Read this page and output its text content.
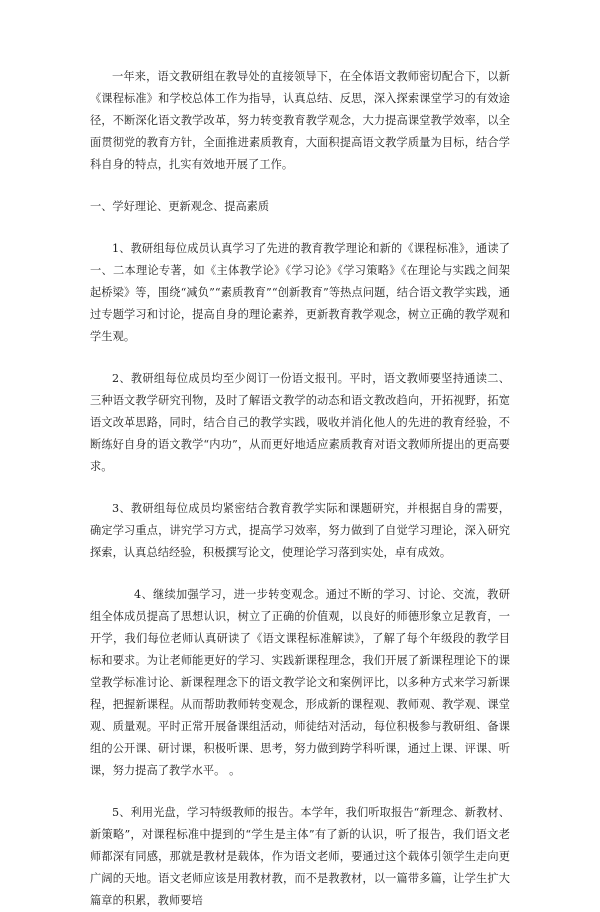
一年来，语文教研组在教导处的直接领导下，在全体语文教师密切配合下，以新《课程标准》和学校总体工作为指导，认真总结、反思，深入探索课堂学习的有效途径，不断深化语文教学改革，努力转变教育教学观念，大力提高课堂教学效率，以全面贯彻党的教育方针，全面推进素质教育，大面积提高语文教学质量为目标，结合学科自身的特点，扎实有效地开展了工作。

一、学好理论、更新观念、提高素质

1、教研组每位成员认真学习了先进的教育教学理论和新的《课程标准》，通读了一、二本理论专著，如《主体教学论》《学习论》《学习策略》《在理论与实践之间架起桥梁》等，围绕“减负”“素质教育”“创新教育”等热点问题，结合语文教学实践，通过专题学习和讨论，提高自身的理论素养，更新教育教学观念，树立正确的教学观和学生观。

2、教研组每位成员均至少阅订一份语文报刊。平时，语文教师要坚持通读二、三种语文教学研究刊物，及时了解语文教学的动态和语文教改趋向，开拓视野，拓宽语文改革思路，同时，结合自己的教学实践，吸收并消化他人的先进的教育经验，不断练好自身的语文教学“内功”，从而更好地适应素质教育对语文教师所提出的更高要求。

3、教研组每位成员均紧密结合教育教学实际和课题研究，并根据自身的需要，确定学习重点，讲究学习方式，提高学习效率，努力做到了自觉学习理论，深入研究探索，认真总结经验，积极撰写论文，使理论学习落到实处，卓有成效。

4、继续加强学习，进一步转变观念。通过不断的学习、讨论、交流，教研组全体成员提高了思想认识，树立了正确的价值观，以良好的师德形象立足教育，一开学，我们每位老师认真研读了《语文课程标准解读》，了解了每个年级段的教学目标和要求。为让老师能更好的学习、实践新课程理念，我们开展了新课程理论下的课堂教学标准讨论、新课程理念下的语文教学论文和案例评比，以多种方式来学习新课程，把握新课程。从而帮助教师转变观念，形成新的课程观、教师观、教学观、课堂观、质量观。平时正常开展备课组活动，师徒结对活动，每位积极参与教研组、备课组的公开课、研讨课，积极听课、思考，努力做到跨学科听课，通过上课、评课、听课，努力提高了教学水平。 。

5、利用光盘，学习特级教师的报告。本学年，我们听取报告“新理念、新教材、新策略”，对课程标准中提到的“学生是主体”有了新的认识，听了报告，我们语文老师都深有同感，那就是教材是载体，作为语文老师，要通过这个载体引领学生走向更广阔的天地。语文老师应该是用教材教，而不是教教材，以一篇带多篇，让学生扩大篇章的积累，教师要培
